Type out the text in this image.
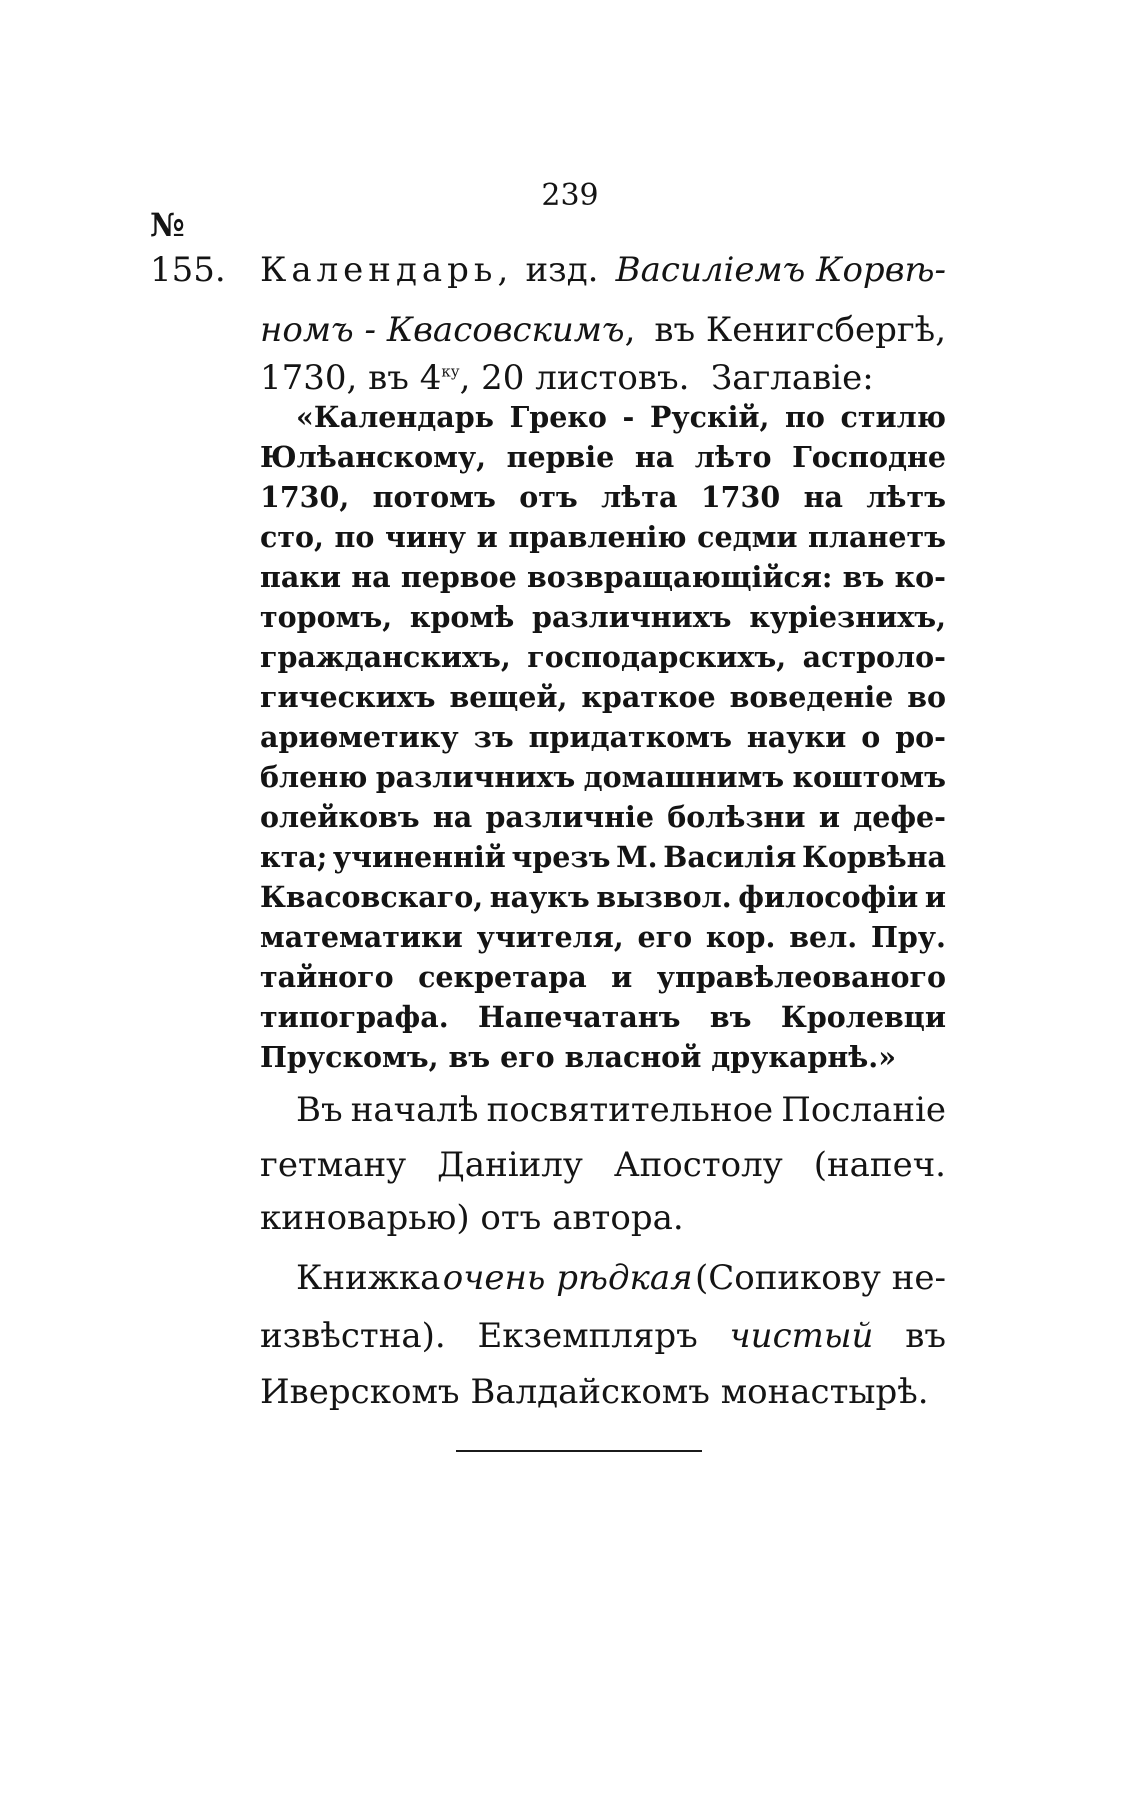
239
№
155. Календарь, изд. Василіемъ Корвѣ-
номъ - Квасовскимъ, въ Кенигсбергѣ,
1730, въ $4^{ку}$, 20 листовъ.  Заглавіе:
«Календарь Греко - Рускій, по стилю
Юлѣанскому, первіе на лѣто Господне
1730, потомъ отъ лѣта 1730 на лѣтъ
сто, по чину и правленію седми планетъ
паки на первое возвращающійся: въ ко-
торомъ, кромѣ различнихъ куріезнихъ,
гражданскихъ, господарскихъ, астроло-
гическихъ вещей, краткое воведеніе во
ариѳметику зъ придаткомъ науки о ро-
бленю различнихъ домашнимъ коштомъ
олейковъ на различніе болѣзни и дефе-
кта; учиненній чрезъ М. Василія Корвѣна
Квасовскаго, наукъ вызвол. философіи и
математики учителя, его кор. вел. Пру.
тайного секретара и управѣлеованого
типографа. Напечатанъ въ Кролевци
Прускомъ, въ его власной друкарнѣ.»
Въ началѣ посвятительное Посланіе
гетману Даніилу Апостолу (напеч.
киноварью) отъ автора.
Книжка очень рѣдкая (Сопикову не-
извѣстна). Екземпляръ чистый въ
Иверскомъ Валдайскомъ монастырѣ.
